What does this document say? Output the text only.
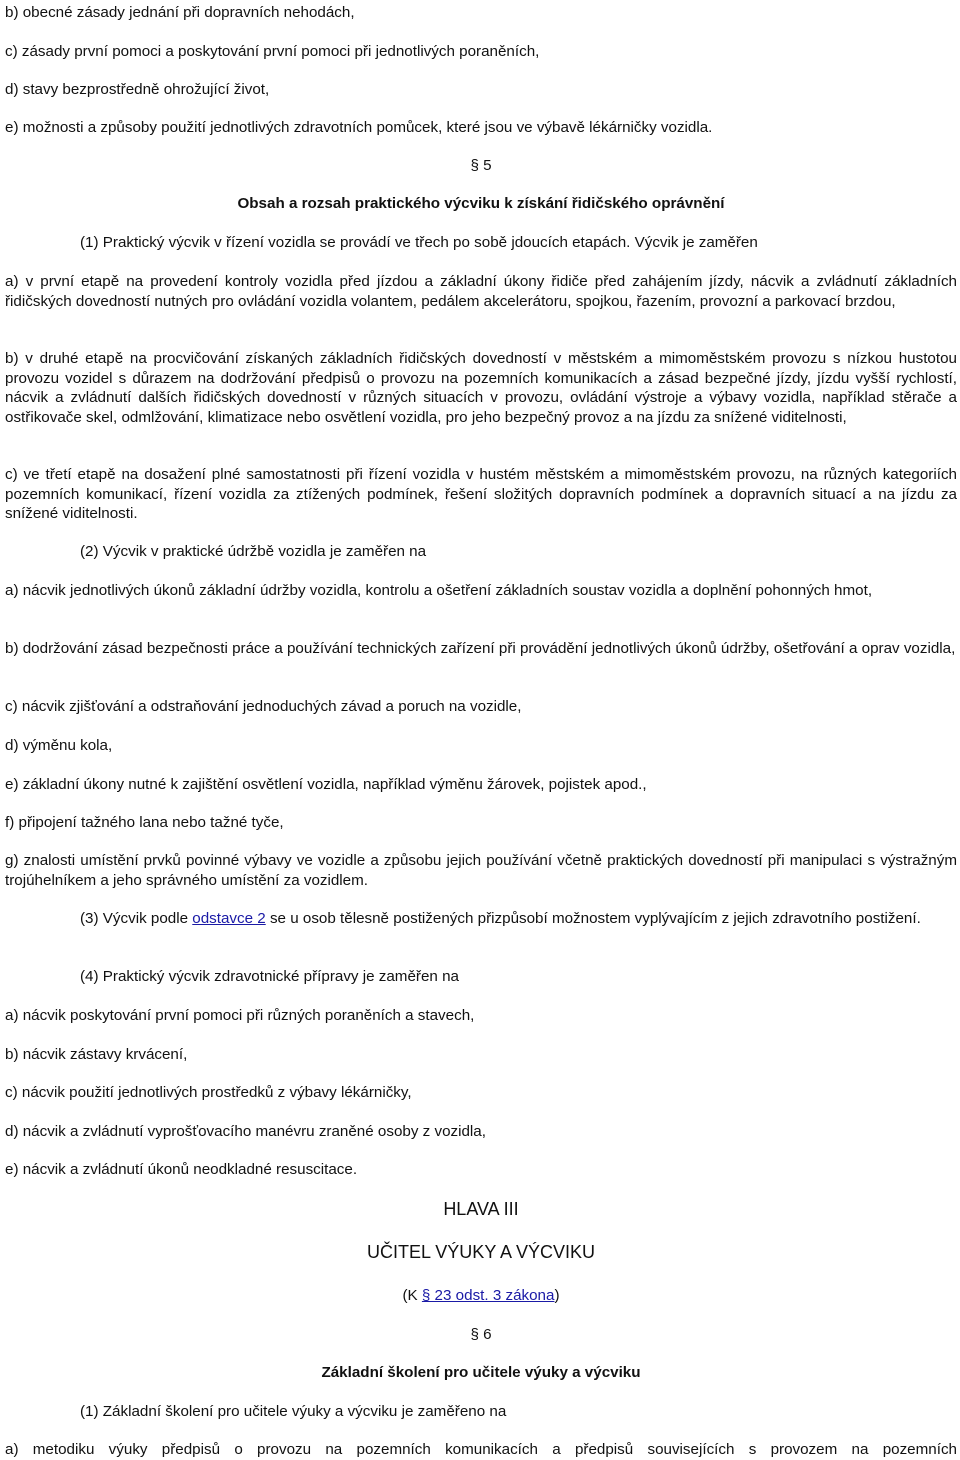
b) obecné zásady jednání při dopravních nehodách,

c) zásady první pomoci a poskytování první pomoci při jednotlivých poraněních,

d) stavy bezprostředně ohrožující život,

e) možnosti a způsoby použití jednotlivých zdravotních pomůcek, které jsou ve výbavě lékárničky vozidla.

§ 5

Obsah a rozsah praktického výcviku k získání řidičského oprávnění

(1) Praktický výcvik v řízení vozidla se provádí ve třech po sobě jdoucích etapách. Výcvik je zaměřen

a) v první etapě na provedení kontroly vozidla před jízdou a základní úkony řidiče před zahájením jízdy, nácvik a zvládnutí základních řidičských dovedností nutných pro ovládání vozidla volantem, pedálem akcelerátoru, spojkou, řazením, provozní a parkovací brzdou,

b) v druhé etapě na procvičování získaných základních řidičských dovedností v městském a mimoměstském provozu s nízkou hustotou provozu vozidel s důrazem na dodržování předpisů o provozu na pozemních komunikacích a zásad bezpečné jízdy, jízdu vyšší rychlostí, nácvik a zvládnutí dalších řidičských dovedností v různých situacích v provozu, ovládání výstroje a výbavy vozidla, například stěrače a ostřikovače skel, odmlžování, klimatizace nebo osvětlení vozidla, pro jeho bezpečný provoz a na jízdu za snížené viditelnosti,

c) ve třetí etapě na dosažení plné samostatnosti při řízení vozidla v hustém městském a mimoměstském provozu, na různých kategoriích pozemních komunikací, řízení vozidla za ztížených podmínek, řešení složitých dopravních podmínek a dopravních situací a na jízdu za snížené viditelnosti.

(2) Výcvik v praktické údržbě vozidla je zaměřen na

a) nácvik jednotlivých úkonů základní údržby vozidla, kontrolu a ošetření základních soustav vozidla a doplnění pohonných hmot,

b) dodržování zásad bezpečnosti práce a používání technických zařízení při provádění jednotlivých úkonů údržby, ošetřování a oprav vozidla,

c) nácvik zjišťování a odstraňování jednoduchých závad a poruch na vozidle,

d) výměnu kola,

e) základní úkony nutné k zajištění osvětlení vozidla, například výměnu žárovek, pojistek apod.,

f) připojení tažného lana nebo tažné tyče,

g) znalosti umístění prvků povinné výbavy ve vozidle a způsobu jejich používání včetně praktických dovedností při manipulaci s výstražným trojúhelníkem a jeho správného umístění za vozidlem.

(3) Výcvik podle odstavce 2 se u osob tělesně postižených přizpůsobí možnostem vyplývajícím z jejich zdravotního postižení.

(4) Praktický výcvik zdravotnické přípravy je zaměřen na

a) nácvik poskytování první pomoci při různých poraněních a stavech,

b) nácvik zástavy krvácení,

c) nácvik použití jednotlivých prostředků z výbavy lékárničky,

d) nácvik a zvládnutí vyprošťovacího manévru zraněné osoby z vozidla,

e) nácvik a zvládnutí úkonů neodkladné resuscitace.

HLAVA III

UČITEL VÝUKY A VÝCVIKU

(K § 23 odst. 3 zákona)

§ 6

Základní školení pro učitele výuky a výcviku

(1) Základní školení pro učitele výuky a výcviku je zaměřeno na

a) metodiku výuky předpisů o provozu na pozemních komunikacích a předpisů souvisejících s provozem na pozemních
